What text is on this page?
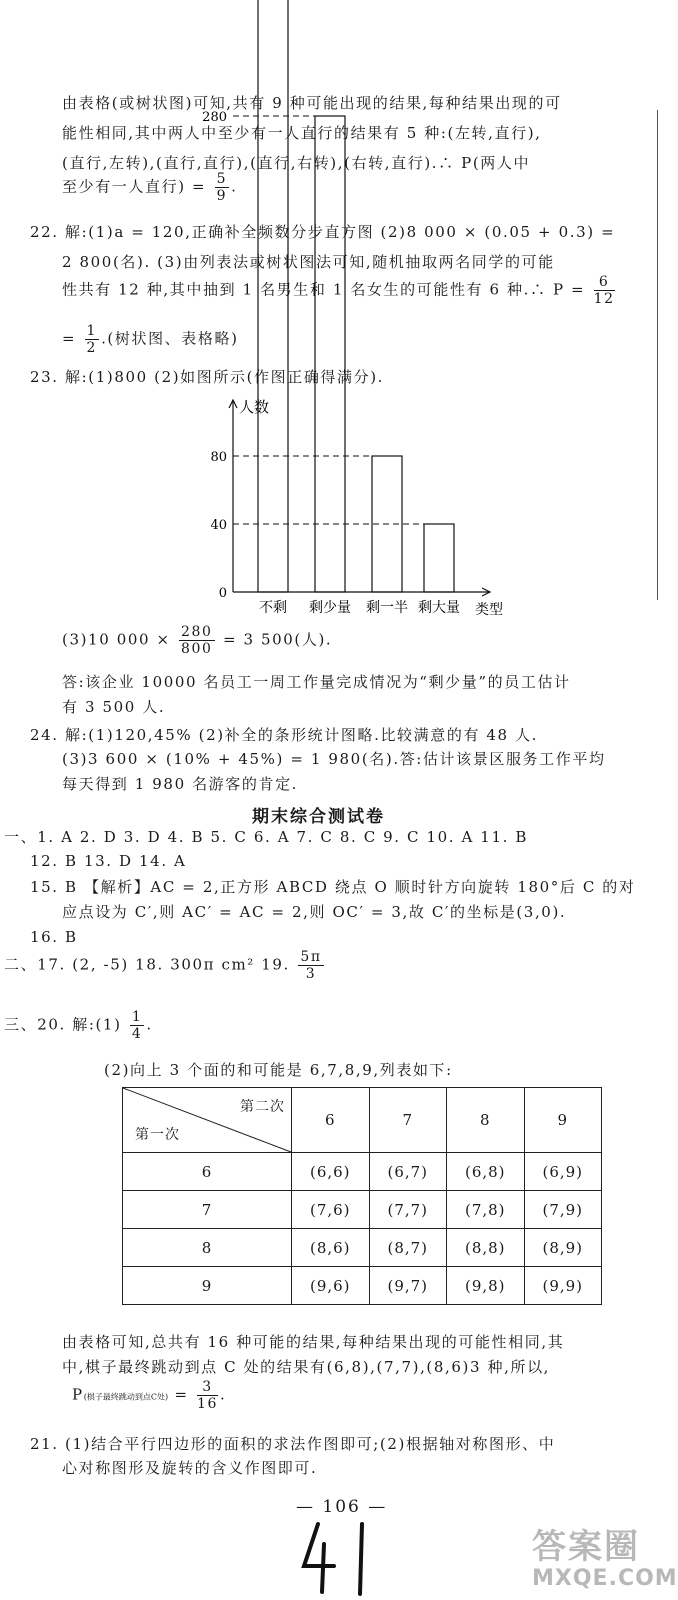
由表格(或树状图)可知,共有 9 种可能出现的结果,每种结果出现的可
能性相同,其中两人中至少有一人直行的结果有 5 种:(左转,直行),
(直行,左转),(直行,直行),(直行,右转),(右转,直行).∴ P(两人中
至少有一人直行) = $\frac{5}{9}$ .
22. 解:(1)a = 120,正确补全频数分步直方图 (2)8 000 × (0.05 + 0.3) =
2 800(名). (3)由列表法或树状图法可知,随机抽取两名同学的可能
性共有 12 种,其中抽到 1 名男生和 1 名女生的可能性有 6 种.∴ $P = \frac{6}{12}$
= $\frac{1}{2}$ .(树状图、表格略)
23. 解:(1)800 (2)如图所示(作图正确得满分).
0
40
80
280
人数
类型
不剩 剩少量 剩一半 剩大量
(3)10 $000 \times \frac{280}{800} = 3$ 500(人).
答:该企业 10000 名员工一周工作量完成情况为“剩少量”的员工估计
有 3 500 人.
24. 解:(1)120,45% (2)补全的条形统计图略.比较满意的有 48 人.
(3)3 600 × (10% + 45%) = 1 980(名).答:估计该景区服务工作平均
每天得到 1 980 名游客的肯定.
期末综合测试卷
一、1. A 2. D 3. D 4. B 5. C 6. A 7. C 8. C 9. C 10. A 11. B
12. B 13. D 14. A
15. B 【解析】AC = 2,正方形 ABCD 绕点 O 顺时针方向旋转 180°后 C 的对
应点设为 C′,则 AC′ = AC = 2,则 OC′ = 3,故 C′的坐标是(3,0).
16. B
二、17. (2, -5) 18. 300π cm² 19. $\frac{5\pi}{3}$
三、20. 解:(1) $\frac{1}{4}$ .
(2)向上 3 个面的和可能是 6,7,8,9,列表如下:
第二次
第一次	6	7	8	9
6	(6,6)	(6,7)	(6,8)	(6,9)
7	(7,6)	(7,7)	(7,8)	(7,9)
8	(8,6)	(8,7)	(8,8)	(8,9)
9	(9,6)	(9,7)	(9,8)	(9,9)
由表格可知,总共有 16 种可能的结果,每种结果出现的可能性相同,其
中,棋子最终跳动到点 C 处的结果有(6,8),(7,7),(8,6)3 种,所以,
P(棋子最终跳动到点C处) = $\frac{3}{16}$ .
21. (1)结合平行四边形的面积的求法作图即可;(2)根据轴对称图形、中
心对称图形及旋转的含义作图即可.
— 106 —
答案圈
MXQE.COM
